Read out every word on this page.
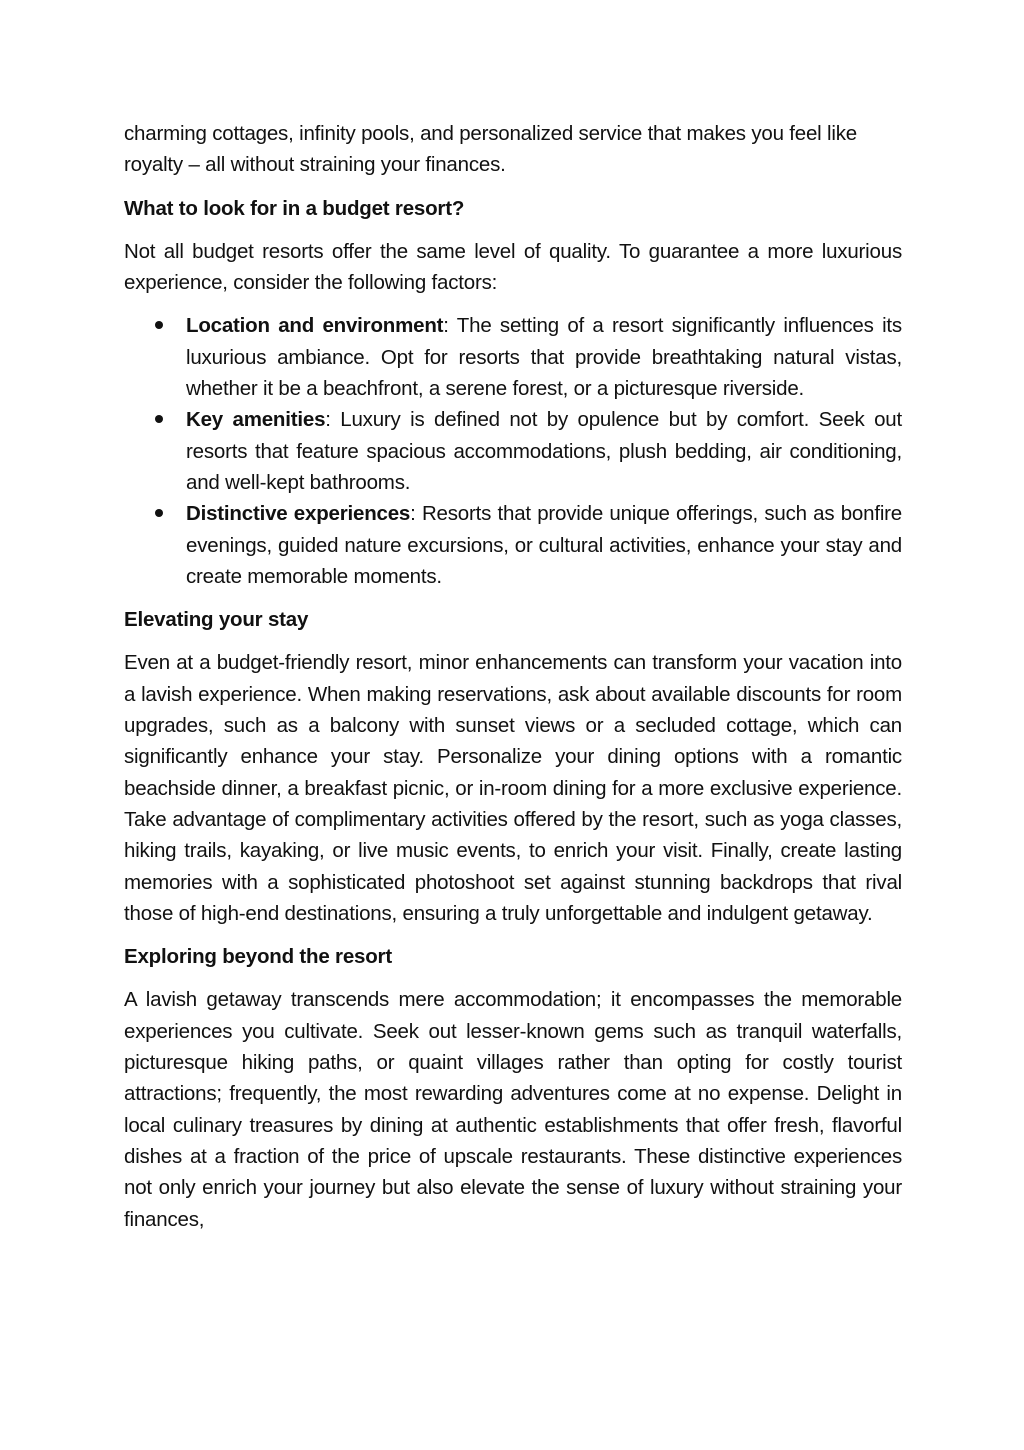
charming cottages, infinity pools, and personalized service that makes you feel like royalty – all without straining your finances.

What to look for in a budget resort?

Not all budget resorts offer the same level of quality. To guarantee a more luxurious experience, consider the following factors:

Location and environment: The setting of a resort significantly influences its luxurious ambiance. Opt for resorts that provide breathtaking natural vistas, whether it be a beachfront, a serene forest, or a picturesque riverside.
Key amenities: Luxury is defined not by opulence but by comfort. Seek out resorts that feature spacious accommodations, plush bedding, air conditioning, and well-kept bathrooms.
Distinctive experiences: Resorts that provide unique offerings, such as bonfire evenings, guided nature excursions, or cultural activities, enhance your stay and create memorable moments.
Elevating your stay

Even at a budget-friendly resort, minor enhancements can transform your vacation into a lavish experience. When making reservations, ask about available discounts for room upgrades, such as a balcony with sunset views or a secluded cottage, which can significantly enhance your stay. Personalize your dining options with a romantic beachside dinner, a breakfast picnic, or in-room dining for a more exclusive experience. Take advantage of complimentary activities offered by the resort, such as yoga classes, hiking trails, kayaking, or live music events, to enrich your visit. Finally, create lasting memories with a sophisticated photoshoot set against stunning backdrops that rival those of high-end destinations, ensuring a truly unforgettable and indulgent getaway.

Exploring beyond the resort

A lavish getaway transcends mere accommodation; it encompasses the memorable experiences you cultivate. Seek out lesser-known gems such as tranquil waterfalls, picturesque hiking paths, or quaint villages rather than opting for costly tourist attractions; frequently, the most rewarding adventures come at no expense. Delight in local culinary treasures by dining at authentic establishments that offer fresh, flavorful dishes at a fraction of the price of upscale restaurants. These distinctive experiences not only enrich your journey but also elevate the sense of luxury without straining your finances,
